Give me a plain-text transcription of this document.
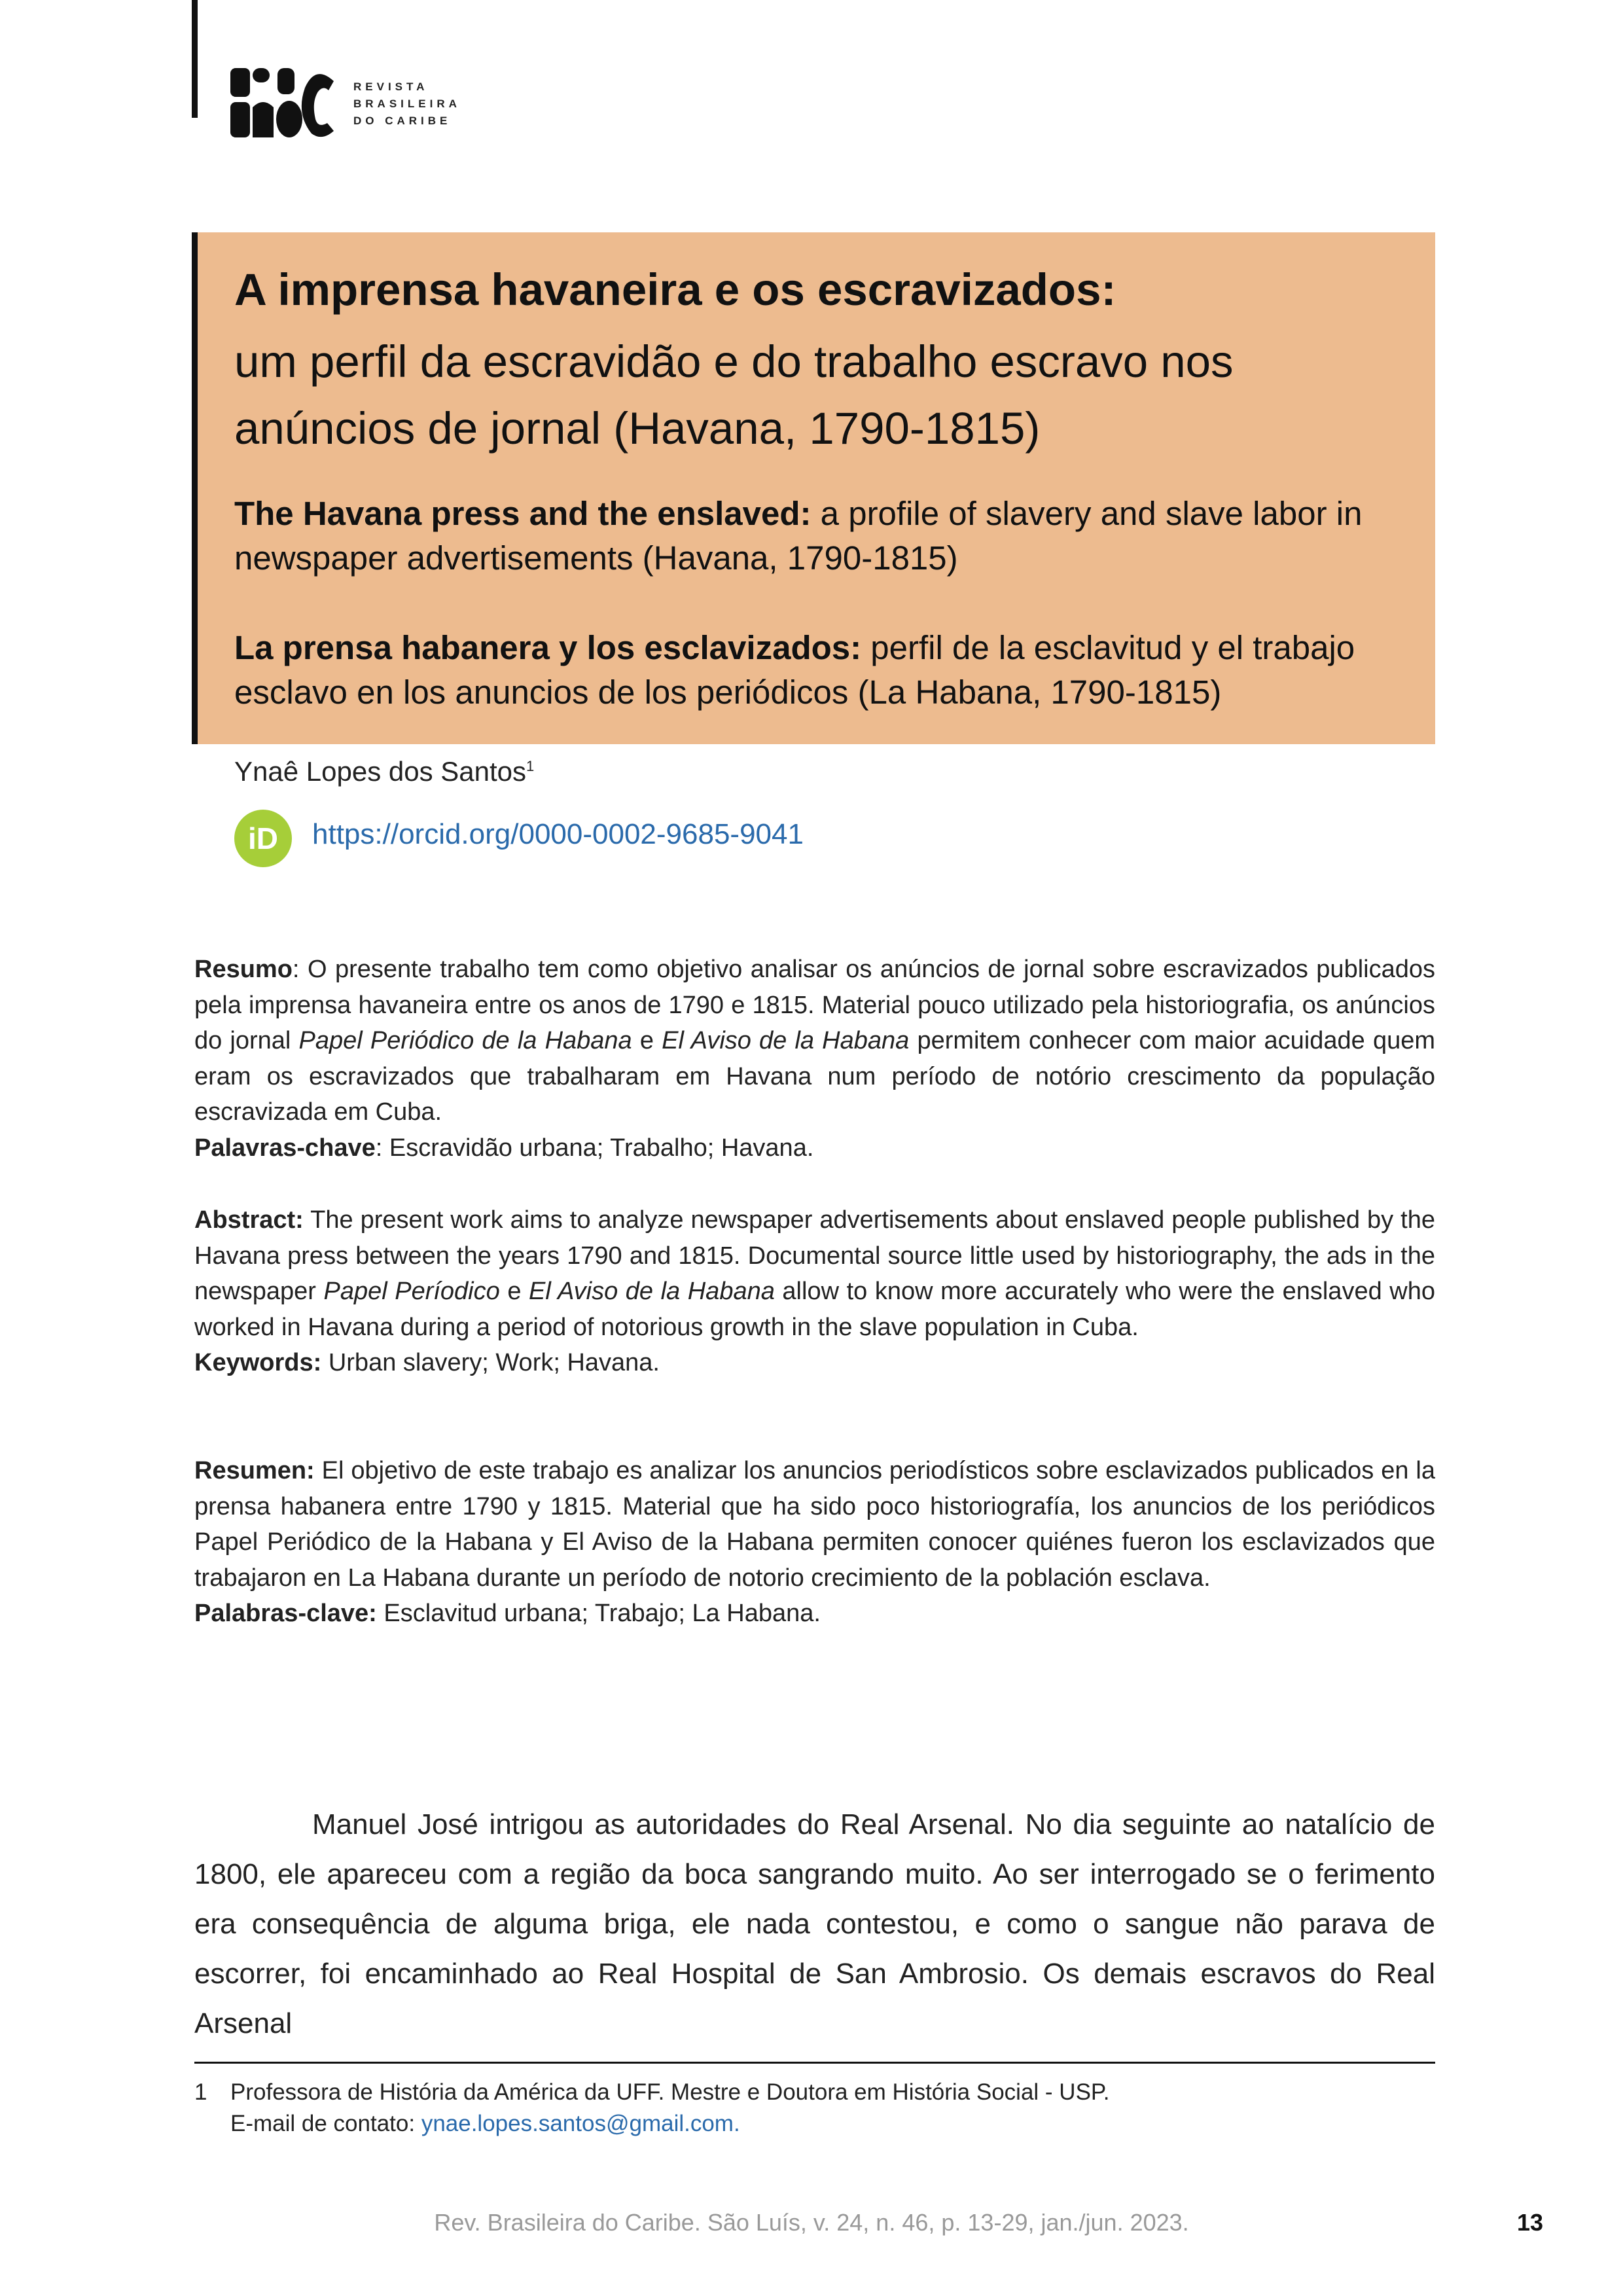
REVISTA
BRASILEIRA
DO CARIBE
A imprensa havaneira e os escravizados:
um perfil da escravidão e do trabalho escravo nos anúncios de jornal (Havana, 1790-1815)
The Havana press and the enslaved: a profile of slavery and slave labor in newspaper advertisements (Havana, 1790-1815)
La prensa habanera y los esclavizados: perfil de la esclavitud y el trabajo esclavo en los anuncios de los periódicos (La Habana, 1790-1815)
Ynaê Lopes dos Santos$^1$
iD	https://orcid.org/0000-0002-9685-9041
Resumo: O presente trabalho tem como objetivo analisar os anúncios de jornal sobre escravizados publicados pela imprensa havaneira entre os anos de 1790 e 1815. Material pouco utilizado pela historiografia, os anúncios do jornal Papel Periódico de la Habana e El Aviso de la Habana permitem conhecer com maior acuidade quem eram os escravizados que trabalharam em Havana num período de notório crescimento da população escravizada em Cuba.
Palavras-chave: Escravidão urbana; Trabalho; Havana.
Abstract: The present work aims to analyze newspaper advertisements about enslaved people published by the Havana press between the years 1790 and 1815. Documental source little used by historiography, the ads in the newspaper Papel Períodico e El Aviso de la Habana allow to know more accurately who were the enslaved who worked in Havana during a period of notorious growth in the slave population in Cuba.
Keywords: Urban slavery; Work; Havana.
Resumen: El objetivo de este trabajo es analizar los anuncios periodísticos sobre esclavizados publicados en la prensa habanera entre 1790 y 1815. Material que ha sido poco historiografía, los anuncios de los periódicos Papel Periódico de la Habana y El Aviso de la Habana permiten conocer quiénes fueron los esclavizados que trabajaron en La Habana durante un período de notorio crecimiento de la población esclava.
Palabras-clave: Esclavitud urbana; Trabajo; La Habana.

Manuel José intrigou as autoridades do Real Arsenal. No dia seguinte ao natalício de 1800, ele apareceu com a região da boca sangrando muito. Ao ser interrogado se o ferimento era consequência de alguma briga, ele nada contestou, e como o sangue não parava de escorrer, foi encaminhado ao Real Hospital de San Ambrosio. Os demais escravos do Real Arsenal

1 Professora de História da América da UFF. Mestre e Doutora em História Social - USP.
E-mail de contato: ynae.lopes.santos@gmail.com.
Rev. Brasileira do Caribe. São Luís, v. 24, n. 46, p. 13-29, jan./jun. 2023.	13
